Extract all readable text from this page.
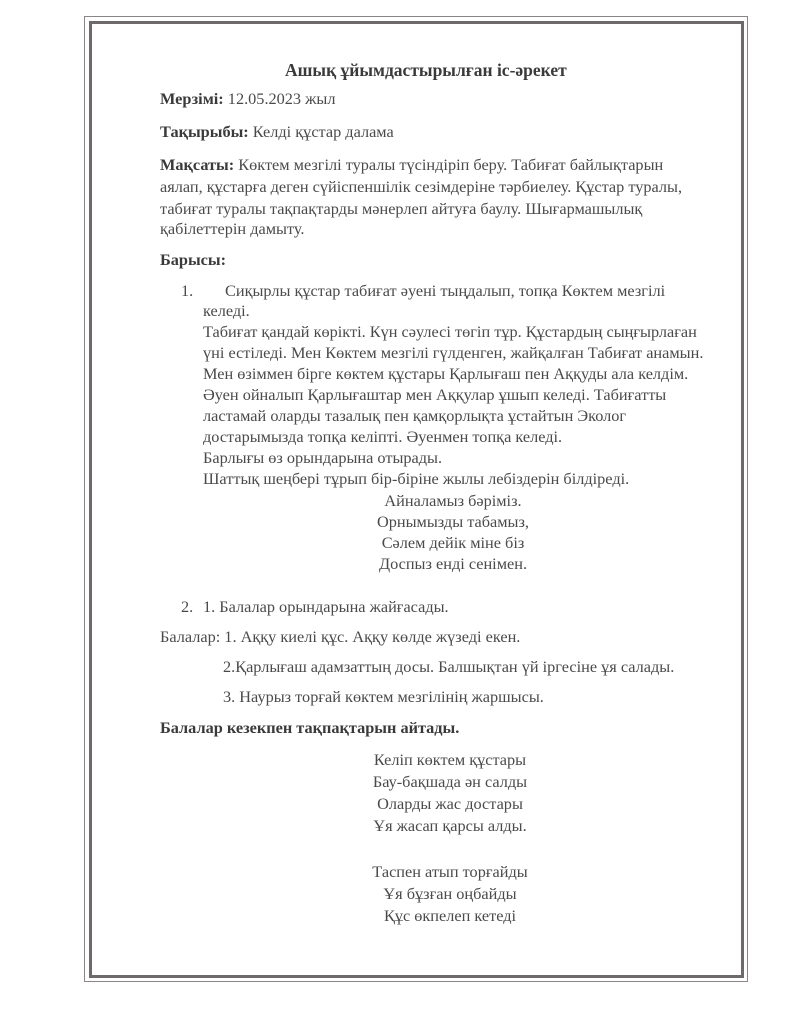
Ашық ұйымдастырылған іс-әрекет
Мерзімі: 12.05.2023 жыл
Тақырыбы: Келді құстар далама
Мақсаты: Көктем мезгілі туралы түсіндіріп беру. Табиғат байлықтарын
аялап, құстарға деген сүйіспеншілік сезімдеріне тәрбиелеу. Құстар туралы,
табиғат туралы тақпақтарды мәнерлеп айтуға баулу. Шығармашылық
қабілеттерін дамыту.
Барысы:
1. Сиқырлы құстар табиғат әуені тыңдалып, топқа Көктем мезгілі
келеді.
Табиғат қандай көрікті. Күн сәулесі төгіп тұр. Құстардың сыңғырлаған
үні естіледі. Мен Көктем мезгілі гүлденген, жайқалған Табиғат анамын.
Мен өзіммен бірге көктем құстары Қарлығаш пен Аққуды ала келдім.
Әуен ойналып Қарлығаштар мен Аққулар ұшып келеді. Табиғатты
ластамай оларды тазалық пен қамқорлықта ұстайтын Эколог
достарымызда топқа келіпті. Әуенмен топқа келеді.
Барлығы өз орындарына отырады.
Шаттық шеңбері тұрып бір-біріне жылы лебіздерін білдіреді.
Айналамыз бәріміз.
Орнымызды табамыз,
Сәлем дейік міне біз
Доспыз енді сенімен.
2. 1. Балалар орындарына жайғасады.
Балалар: 1. Аққу киелі құс. Аққу көлде жүзеді екен.
2.Қарлығаш адамзаттың досы. Балшықтан үй іргесіне ұя салады.
3. Наурыз торғай көктем мезгілінің жаршысы.
Балалар кезекпен тақпақтарын айтады.
Келіп көктем құстары
Бау-бақшада ән салды
Оларды жас достары
Ұя жасап қарсы алды.
Таспен атып торғайды
Ұя бұзған оңбайды
Құс өкпелеп кетеді
